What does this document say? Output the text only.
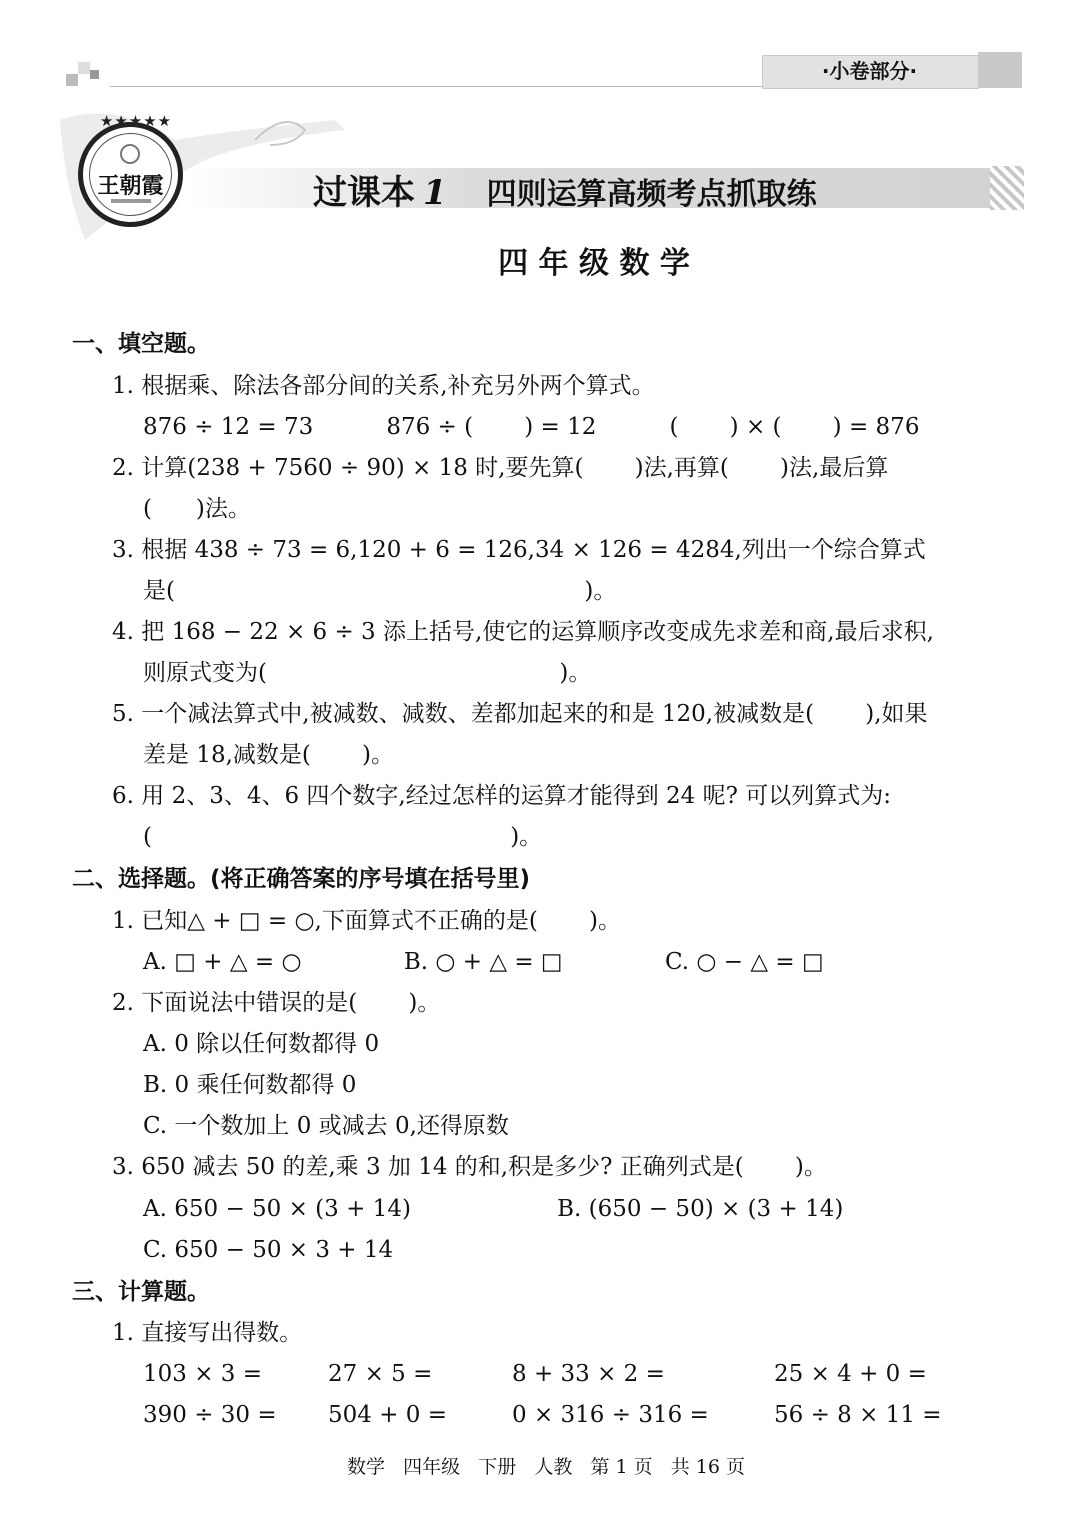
·小卷部分·
王朝霞
★★★★★
过课本 1 四则运算高频考点抓取练
四 年 级 数 学
一、填空题。
1. 根据乘、除法各部分间的关系,补充另外两个算式。
876 ÷ 12 = 73          876 ÷ (       ) = 12          (       ) × (       ) = 876
2. 计算(238 + 7560 ÷ 90) × 18 时,要先算(       )法,再算(       )法,最后算
(      )法。
3. 根据 438 ÷ 73 = 6,120 + 6 = 126,34 × 126 = 4284,列出一个综合算式
是(                                                        )。
4. 把 168 − 22 × 6 ÷ 3 添上括号,使它的运算顺序改变成先求差和商,最后求积,
则原式变为(                                        )。
5. 一个减法算式中,被减数、减数、差都加起来的和是 120,被减数是(       ),如果
差是 18,减数是(       )。
6. 用 2、3、4、6 四个数字,经过怎样的运算才能得到 24 呢? 可以列算式为:
(                                                 )。
二、选择题。(将正确答案的序号填在括号里)
1. 已知△ + □ = ○,下面算式不正确的是(       )。
A. □ + △ = ○              B. ○ + △ = □              C. ○ − △ = □
2. 下面说法中错误的是(       )。
A. 0 除以任何数都得 0
B. 0 乘任何数都得 0
C. 一个数加上 0 或减去 0,还得原数
3. 650 减去 50 的差,乘 3 加 14 的和,积是多少? 正确列式是(       )。
A. 650 − 50 × (3 + 14)                    B. (650 − 50) × (3 + 14)
C. 650 − 50 × 3 + 14
三、计算题。
1. 直接写出得数。
103 × 3 =	27 × 5 =	8 + 33 × 2 =	25 × 4 + 0 =
390 ÷ 30 = 504 + 0 =	0 × 316 ÷ 316 =	56 ÷ 8 × 11 =
数学   四年级   下册   人教   第 1 页   共 16 页
